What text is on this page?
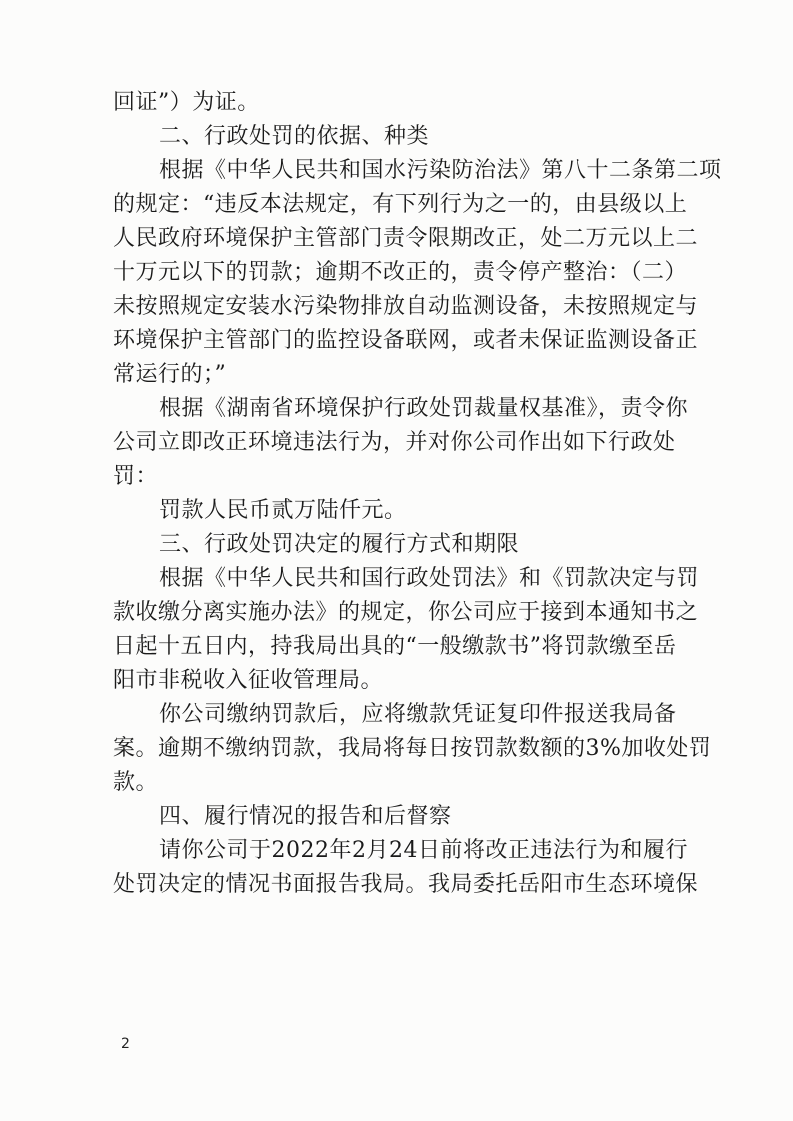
回证”）为证。
二、行政处罚的依据、种类
根据《中华人民共和国水污染防治法》第八十二条第二项
的规定：“违反本法规定，有下列行为之一的，由县级以上
人民政府环境保护主管部门责令限期改正，处二万元以上二
十万元以下的罚款；逾期不改正的，责令停产整治：（二）
未按照规定安装水污染物排放自动监测设备，未按照规定与
环境保护主管部门的监控设备联网，或者未保证监测设备正
常运行的；”
根据《湖南省环境保护行政处罚裁量权基准》，责令你
公司立即改正环境违法行为，并对你公司作出如下行政处
罚：
罚款人民币贰万陆仟元。
三、行政处罚决定的履行方式和期限
根据《中华人民共和国行政处罚法》和《罚款决定与罚
款收缴分离实施办法》的规定，你公司应于接到本通知书之
日起十五日内，持我局出具的“一般缴款书”将罚款缴至岳
阳市非税收入征收管理局。
你公司缴纳罚款后，应将缴款凭证复印件报送我局备
案。逾期不缴纳罚款，我局将每日按罚款数额的3%加收处罚
款。
四、履行情况的报告和后督察
请你公司于2022年2月24日前将改正违法行为和履行
处罚决定的情况书面报告我局。我局委托岳阳市生态环境保
2
